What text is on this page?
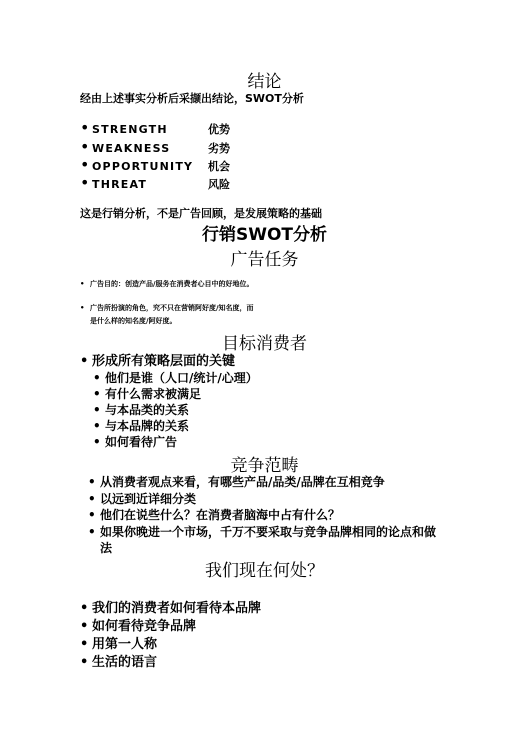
结论
经由上述事实分析后采撷出结论，SWOT分析
• STRENGTH	优势
• WEAKNESS	劣势
• OPPORTUNITY 机会
• THREAT	风险
这是行销分析，不是广告回顾，是发展策略的基础
行销SWOT分析
广告任务
• 广告目的：创造产品/服务在消费者心目中的好地位。
• 广告所扮演的角色，究不只在营销阿好度/知名度，而
是什么样的知名度/阿好度。
目标消费者
• 形成所有策略层面的关键
• 他们是谁（人口/统计/心理）
• 有什么需求被满足
• 与本品类的关系
• 与本品牌的关系
• 如何看待广告
竞争范畴
• 从消费者观点来看，有哪些产品/品类/品牌在互相竞争
• 以远到近详细分类
• 他们在说些什么？在消费者脑海中占有什么？
• 如果你晚进一个市场，千万不要采取与竞争品牌相同的论点和做
法
我们现在何处？
• 我们的消费者如何看待本品牌
• 如何看待竞争品牌
• 用第一人称
• 生活的语言
